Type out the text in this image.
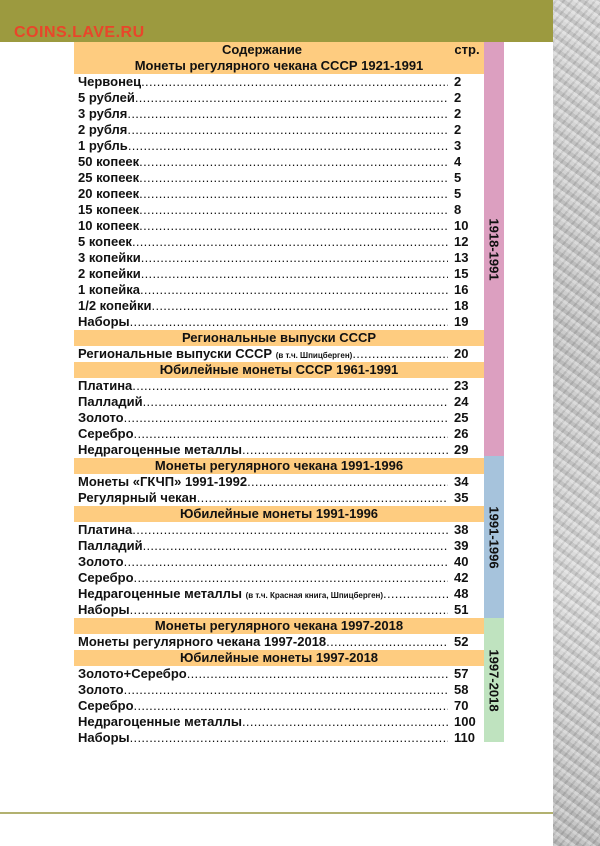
COINS.LAVE.RU
1918-1991
1991-1996
1997-2018
Содержание	стр.
Монеты регулярного чекана СССР 1921-1991
Червонец .....	2
5 рублей .....	2
3 рубля .....	2
2 рубля .....	2
1 рубль .....	3
50 копеек .....	4
25 копеек .....	5
20 копеек .....	5
15 копеек .....	8
10 копеек .....	10
5 копеек .....	12
3 копейки .....	13
2 копейки .....	15
1 копейка .....	16
1/2 копейки .....	18
Наборы .....	19
Региональные выпуски СССР
Региональные выпуски СССР (в т.ч. Шпицберген) .....	20
Юбилейные монеты СССР 1961-1991
Платина .....	23
Палладий .....	24
Золото .....	25
Серебро .....	26
Недрагоценные металлы .....	29
Монеты регулярного чекана 1991-1996
Монеты «ГКЧП» 1991-1992 .....	34
Регулярный чекан .....	35
Юбилейные монеты 1991-1996
Платина .....	38
Палладий .....	39
Золото .....	40
Серебро .....	42
Недрагоценные металлы (в т.ч. Красная книга, Шпицберген) .....	48
Наборы .....	51
Монеты регулярного чекана 1997-2018
Монеты регулярного чекана 1997-2018 .....	52
Юбилейные монеты 1997-2018
Золото+Серебро .....	57
Золото .....	58
Серебро .....	70
Недрагоценные металлы .....	100
Наборы .....	110
